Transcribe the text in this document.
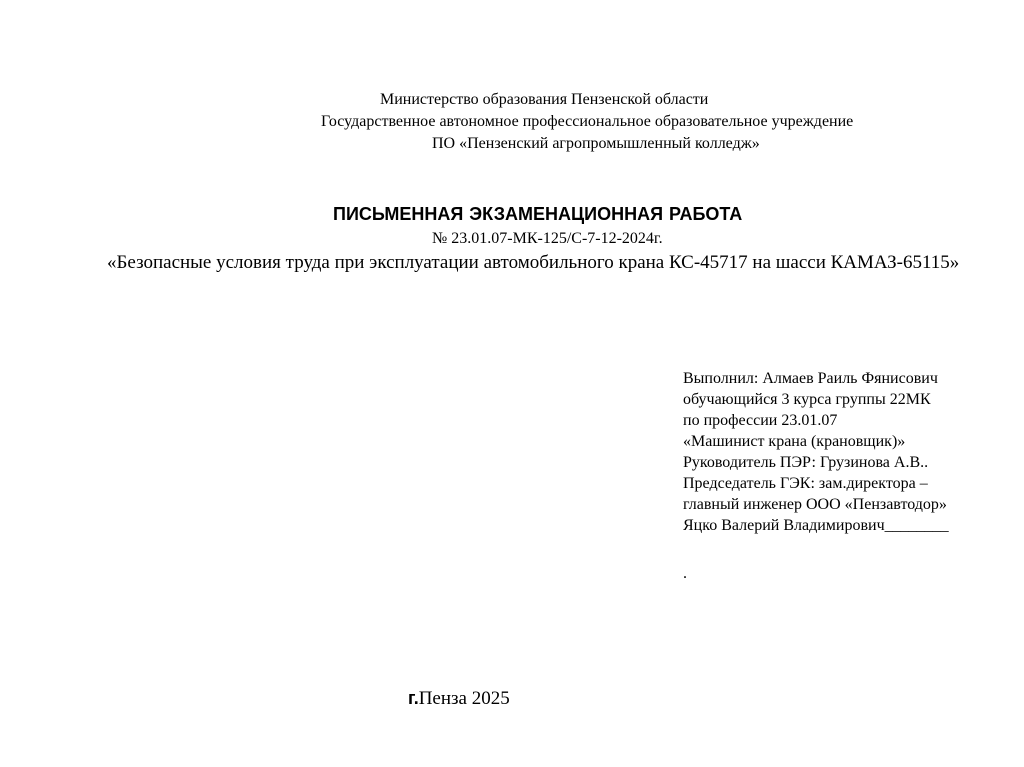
Министерство образования Пензенской области
Государственное автономное профессиональное образовательное учреждение
ПО «Пензенский агропромышленный колледж»
ПИСЬМЕННАЯ ЭКЗАМЕНАЦИОННАЯ РАБОТА
№ 23.01.07-МК-125/С-7-12-2024г.
«Безопасные условия труда при эксплуатации автомобильного крана КС-45717 на шасси КАМАЗ-65115»
Выполнил: Алмаев Раиль Фянисович
обучающийся 3 курса группы 22МК
по профессии 23.01.07
«Машинист крана (крановщик)»
Руководитель ПЭР: Грузинова А.В..
Председатель ГЭК: зам.директора –
главный инженер ООО «Пензавтодор»
Яцко Валерий Владимирович________
.
г.Пенза 2025
